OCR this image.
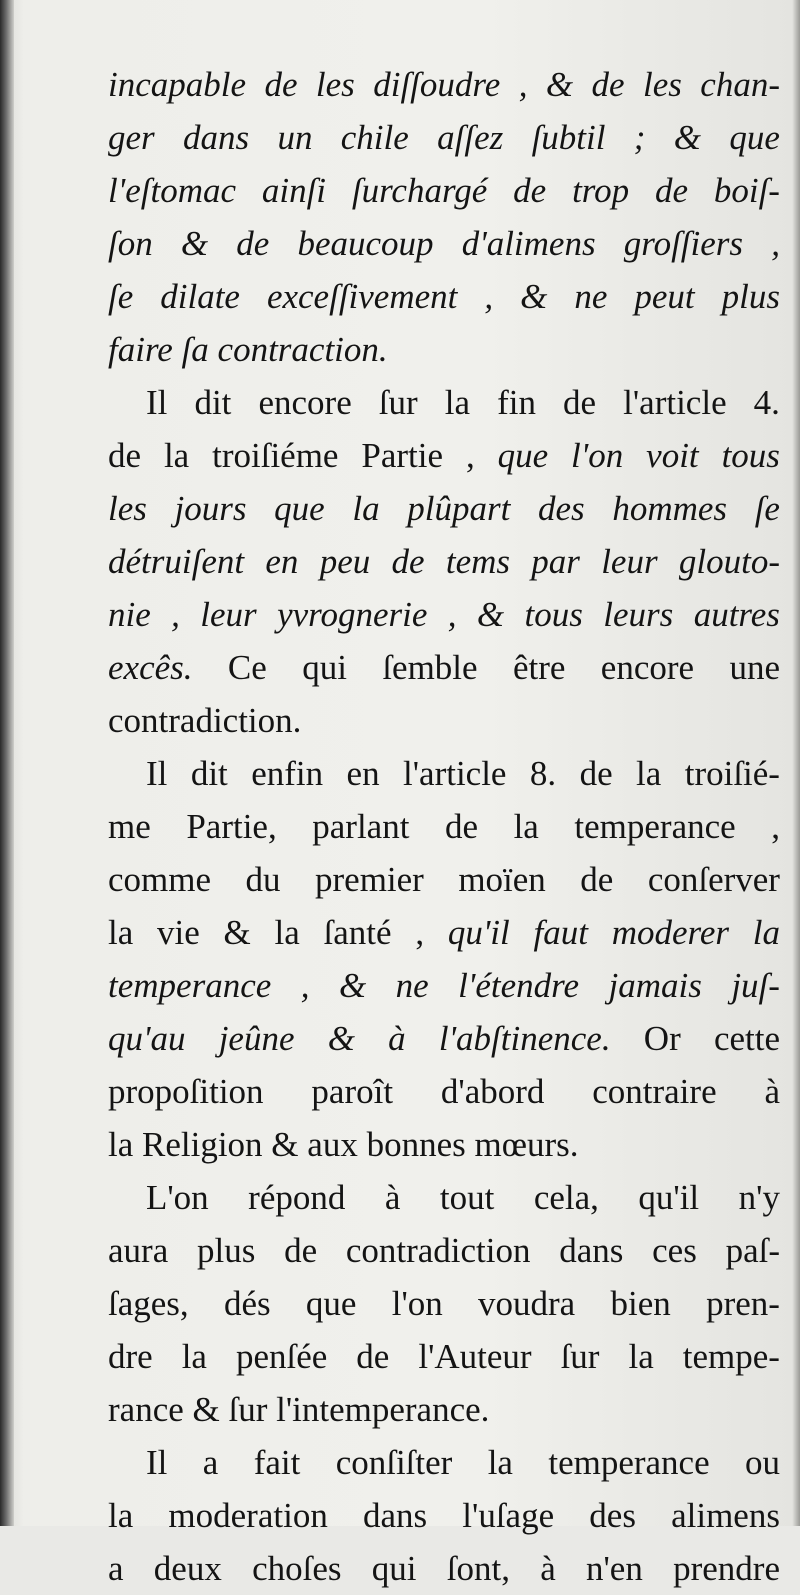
incapable de les diſſoudre , & de les chan-
ger dans un chile aſſez ſubtil ; & que
l'eſtomac ainſi ſurchargé de trop de boiſ-
ſon & de beaucoup d'alimens groſſiers ,
ſe dilate exceſſivement , & ne peut plus
faire ſa contraction.
Il dit encore ſur la fin de l'article 4.
de la troiſiéme Partie , que l'on voit tous
les jours que la plûpart des hommes ſe
détruiſent en peu de tems par leur glouto-
nie , leur yvrognerie , & tous leurs autres
excês. Ce qui ſemble être encore une
contradiction.
Il dit enfin en l'article 8. de la troiſié-
me Partie, parlant de la temperance ,
comme du premier moïen de conſerver
la vie & la ſanté , qu'il faut moderer la
temperance , & ne l'étendre jamais juſ-
qu'au jeûne & à l'abſtinence. Or cette
propoſition paroît d'abord contraire à
la Religion & aux bonnes mœurs.
L'on répond à tout cela, qu'il n'y
aura plus de contradiction dans ces paſ-
ſages, dés que l'on voudra bien pren-
dre la penſée de l'Auteur ſur la tempe-
rance & ſur l'intemperance.
Il a fait conſiſter la temperance ou
la moderation dans l'uſage des alimens
a deux choſes qui ſont, à n'en prendre
